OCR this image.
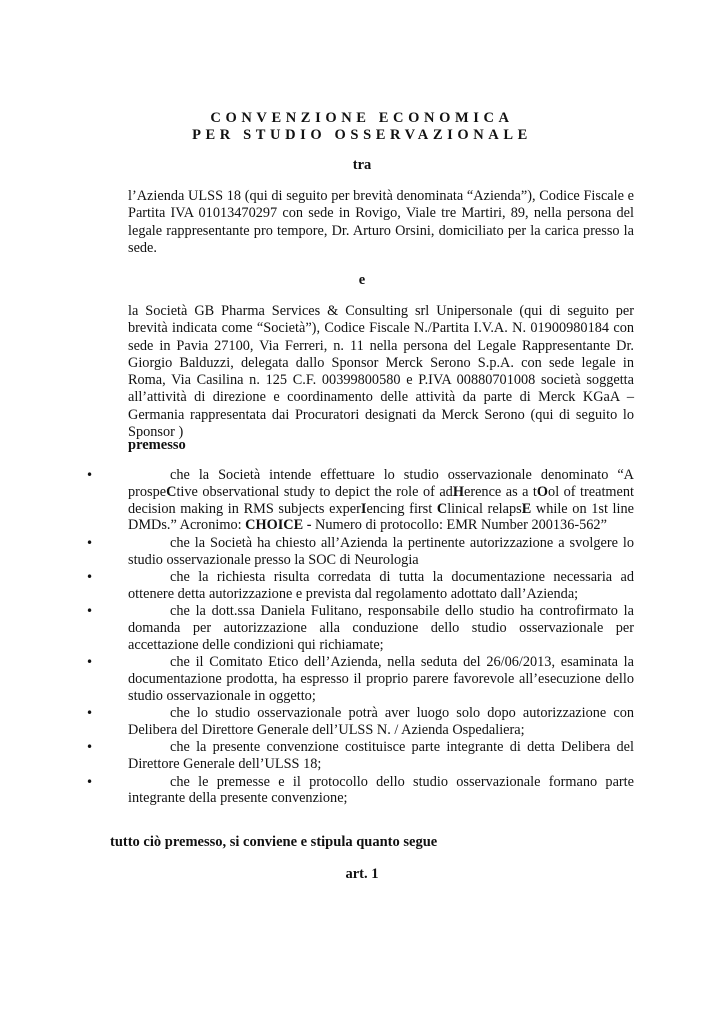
CONVENZIONE ECONOMICA
PER STUDIO OSSERVAZIONALE
tra
l’Azienda ULSS 18 (qui di seguito per brevità denominata “Azienda”), Codice Fiscale e Partita IVA 01013470297 con sede in Rovigo, Viale tre Martiri, 89, nella persona del legale rappresentante pro tempore, Dr. Arturo Orsini, domiciliato per la carica presso la sede.
e
la Società GB Pharma Services & Consulting srl Unipersonale (qui di seguito per brevità indicata come “Società”), Codice Fiscale N./Partita I.V.A. N. 01900980184 con sede in Pavia 27100, Via Ferreri, n. 11 nella persona del Legale Rappresentante Dr. Giorgio Balduzzi, delegata dallo Sponsor Merck Serono S.p.A. con sede legale in Roma, Via Casilina n. 125 C.F. 00399800580 e P.IVA 00880701008 società soggetta all’attività di direzione e coordinamento delle attività da parte di Merck KGaA – Germania rappresentata dai Procuratori designati da Merck Serono (qui di seguito lo Sponsor )
premesso

•	che la Società intende effettuare lo studio osservazionale denominato “A prospeCtive observational study to depict the role of adHerence as a tOol of treatment decision making in RMS subjects experIencing first Clinical relapsE while on 1st line DMDs.” Acronimo: CHOICE - Numero di protocollo: EMR Number 200136-562”

•	che la Società ha chiesto all’Azienda la pertinente autorizzazione a svolgere lo studio osservazionale presso la SOC di Neurologia

•	che la richiesta risulta corredata di tutta la documentazione necessaria ad ottenere detta autorizzazione e prevista dal regolamento adottato dall’Azienda;

•	che la dott.ssa Daniela Fulitano, responsabile dello studio ha controfirmato la domanda per autorizzazione alla conduzione dello studio osservazionale per accettazione delle condizioni qui richiamate;

•	che il Comitato Etico dell’Azienda, nella seduta del 26/06/2013, esaminata la documentazione prodotta, ha espresso il proprio parere favorevole all’esecuzione dello studio osservazionale in oggetto;

•	che lo studio osservazionale potrà aver luogo solo dopo autorizzazione con Delibera del Direttore Generale dell’ULSS N. / Azienda Ospedaliera;

•	che la presente convenzione costituisce parte integrante di detta Delibera del Direttore Generale dell’ULSS 18;

•	che le premesse e il protocollo dello studio osservazionale formano parte integrante della presente convenzione;

tutto ciò premesso, si conviene e stipula quanto segue
art. 1
